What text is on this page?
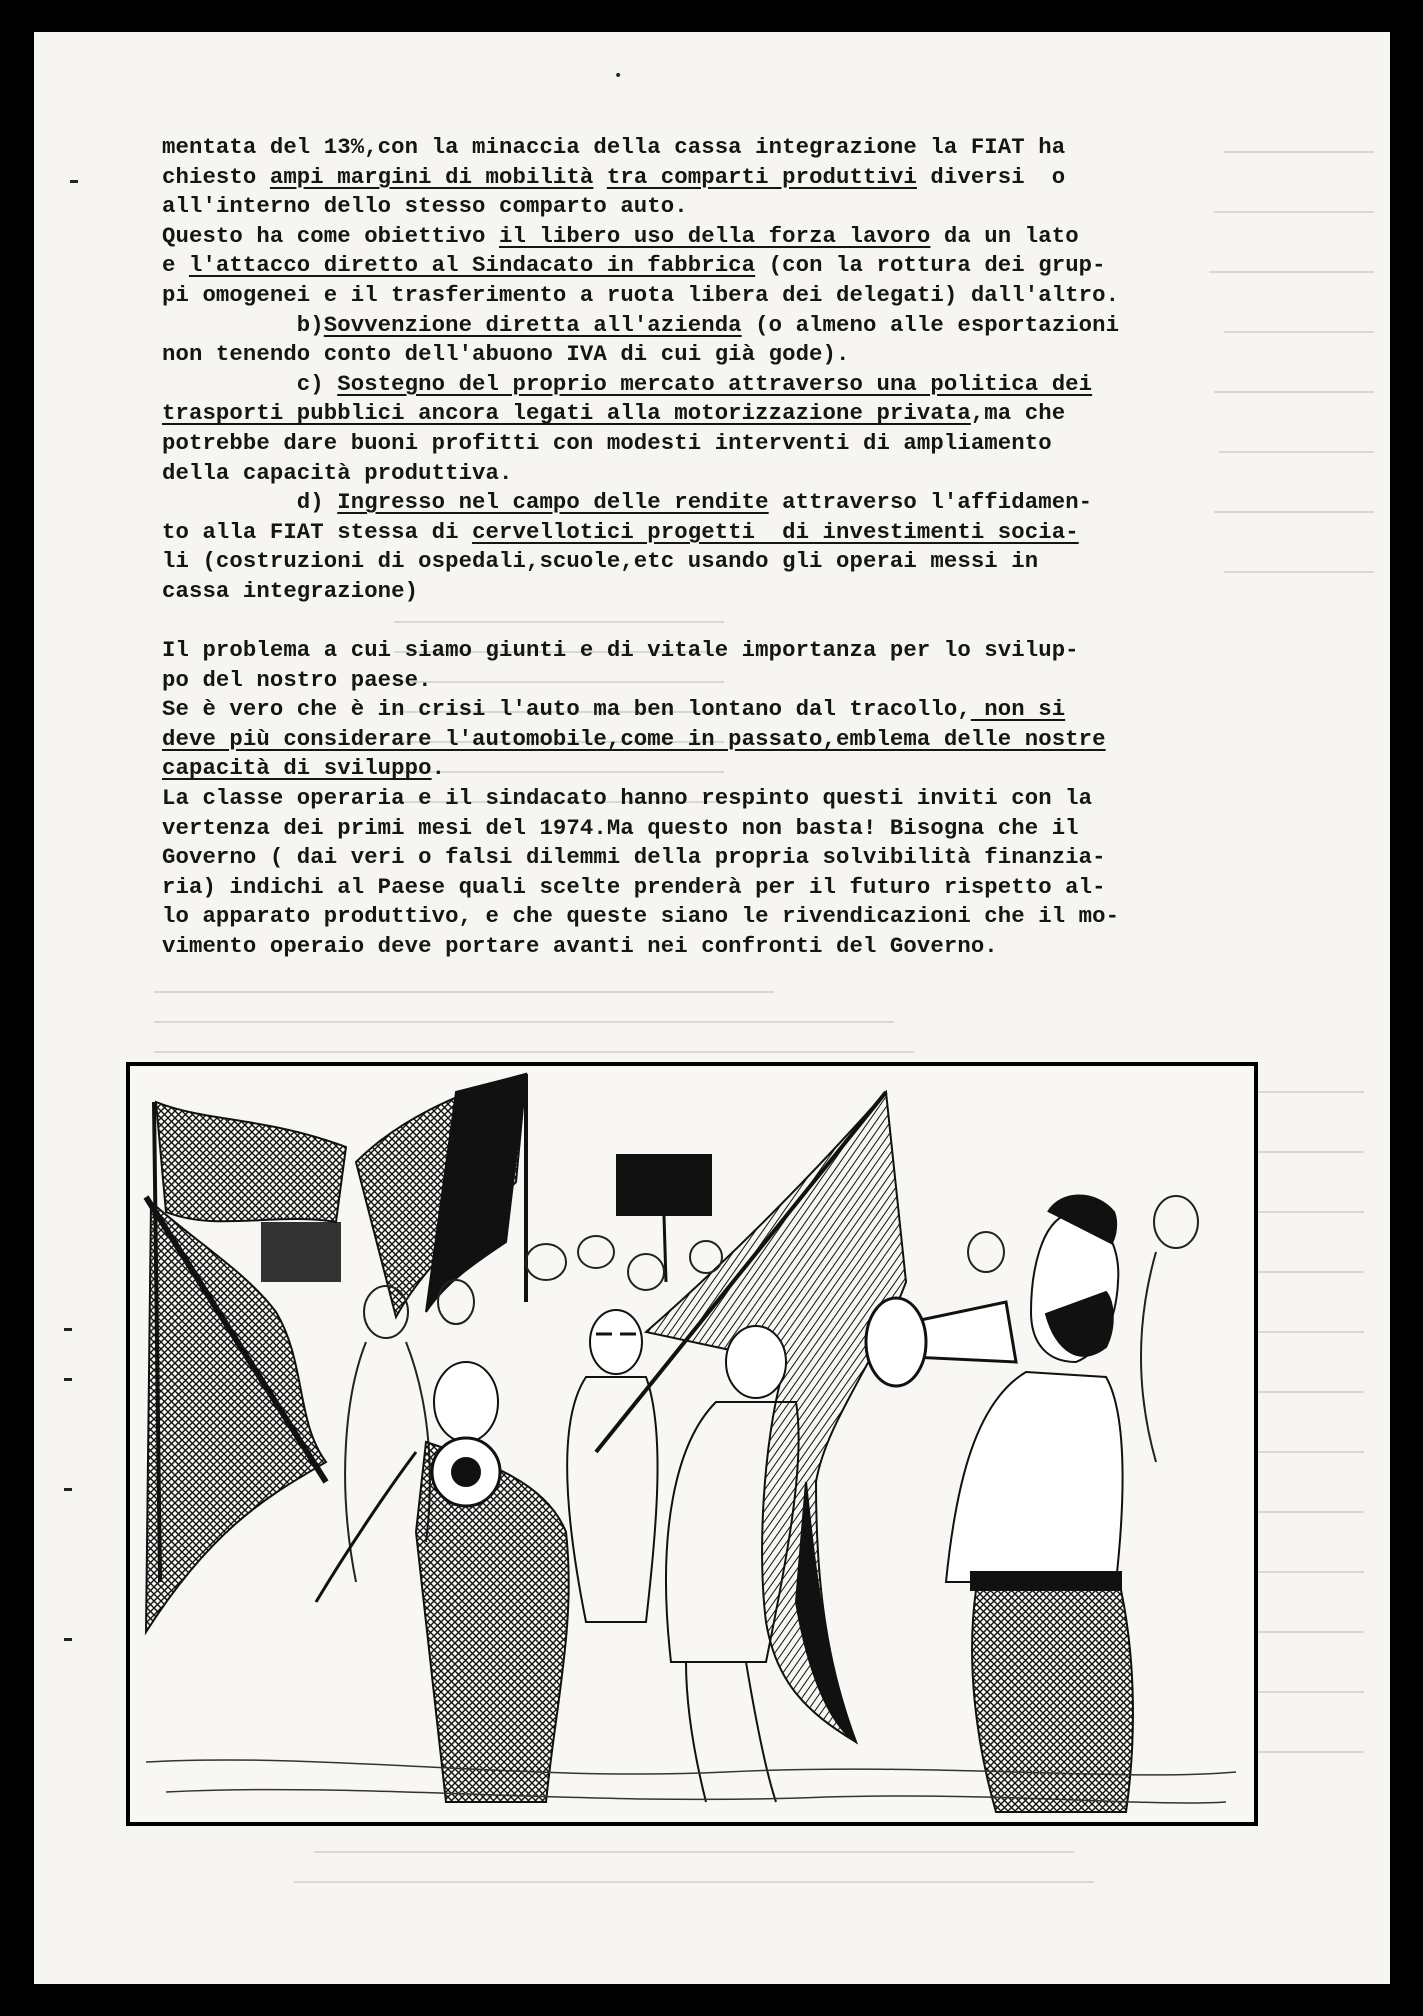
•
mentata del 13%,con la minaccia della cassa integrazione la FIAT ha
chiesto ampi margini di mobilità tra comparti produttivi diversi  o
all'interno dello stesso comparto auto.
Questo ha come obiettivo il libero uso della forza lavoro da un lato
e l'attacco diretto al Sindacato in fabbrica (con la rottura dei grup-
pi omogenei e il trasferimento a ruota libera dei delegati) dall'altro.
b)Sovvenzione diretta all'azienda (o almeno alle esportazioni
non tenendo conto dell'abuono IVA di cui già gode).
c) Sostegno del proprio mercato attraverso una politica dei
trasporti pubblici ancora legati alla motorizzazione privata,ma che
potrebbe dare buoni profitti con modesti interventi di ampliamento
della capacità produttiva.
d) Ingresso nel campo delle rendite attraverso l'affidamen-
to alla FIAT stessa di cervellotici progetti  di investimenti socia-
li (costruzioni di ospedali,scuole,etc usando gli operai messi in
cassa integrazione)
Il problema a cui siamo giunti e di vitale importanza per lo svilup-
po del nostro paese.
Se è vero che è in crisi l'auto ma ben lontano dal tracollo, non si
deve più considerare l'automobile,come in passato,emblema delle nostre
capacità di sviluppo.
La classe operaria e il sindacato hanno respinto questi inviti con la
vertenza dei primi mesi del 1974.Ma questo non basta! Bisogna che il
Governo ( dai veri o falsi dilemmi della propria solvibilità finanzia-
ria) indichi al Paese quali scelte prenderà per il futuro rispetto al-
lo apparato produttivo, e che queste siano le rivendicazioni che il mo-
vimento operaio deve portare avanti nei confronti del Governo.
